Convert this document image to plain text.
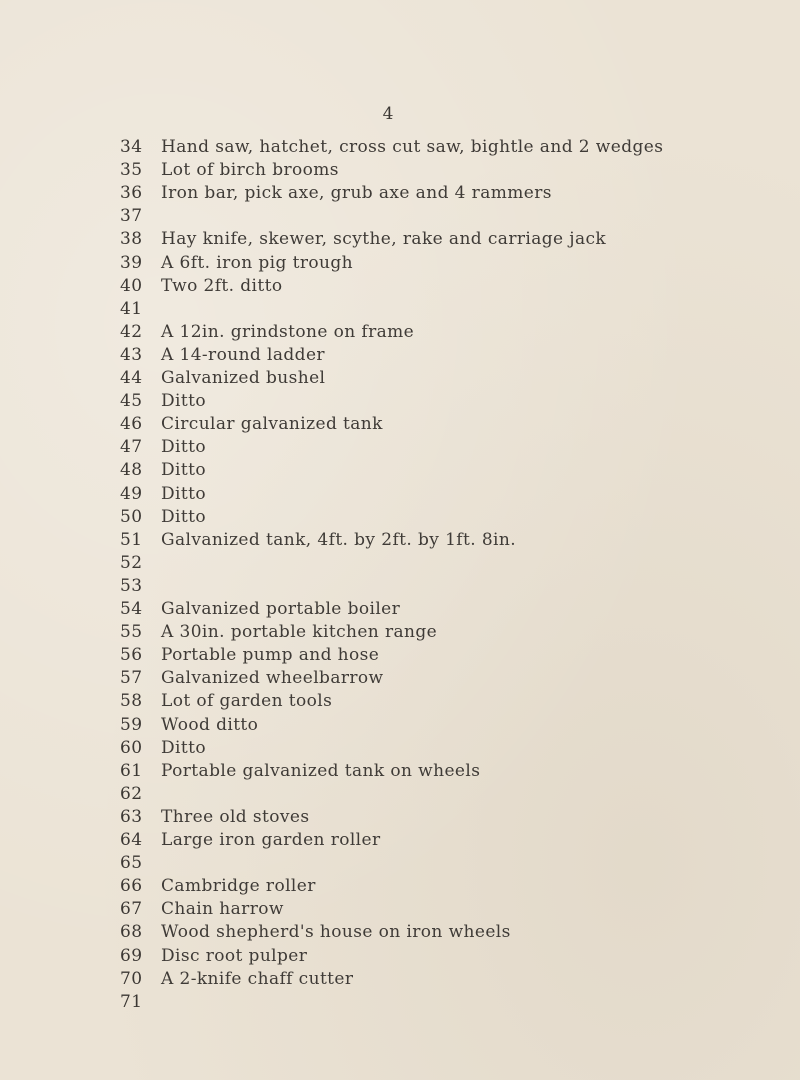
4
34	Hand saw, hatchet, cross cut saw, bightle and 2 wedges
35	Lot of birch brooms
36	Iron bar, pick axe, grub axe and 4 rammers
37
38	Hay knife, skewer, scythe, rake and carriage jack
39	A 6ft. iron pig trough
40	Two 2ft. ditto
41
42	A 12in. grindstone on frame
43	A 14-round ladder
44	Galvanized bushel
45	Ditto
46	Circular galvanized tank
47	Ditto
48	Ditto
49	Ditto
50	Ditto
51	Galvanized tank, 4ft. by 2ft. by 1ft. 8in.
52
53
54	Galvanized portable boiler
55	A 30in. portable kitchen range
56	Portable pump and hose
57	Galvanized wheelbarrow
58	Lot of garden tools
59	Wood ditto
60	Ditto
61	Portable galvanized tank on wheels
62
63	Three old stoves
64	Large iron garden roller
65
66	Cambridge roller
67	Chain harrow
68	Wood shepherd's house on iron wheels
69	Disc root pulper
70	A 2-knife chaff cutter
71
